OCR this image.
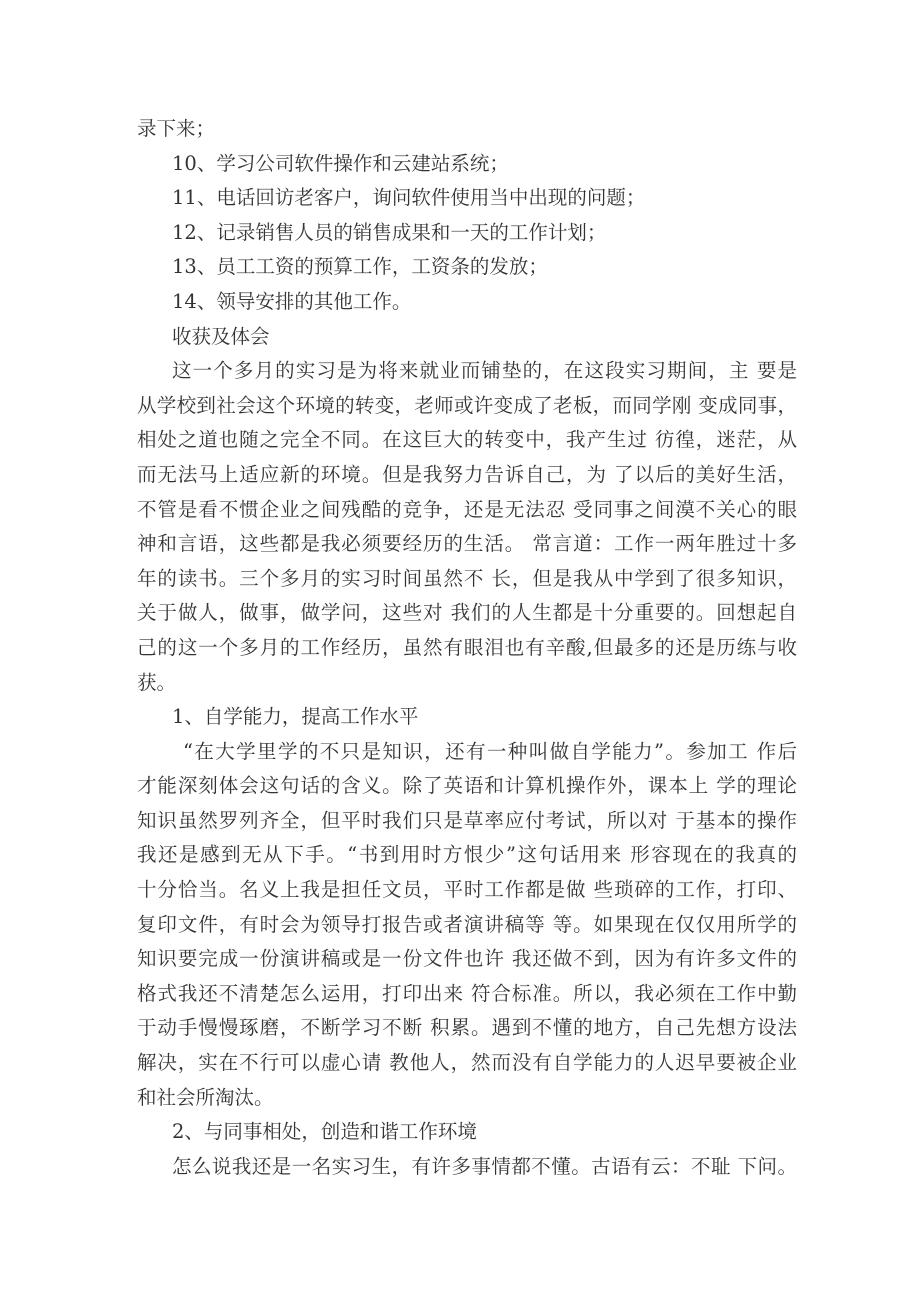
录下来；
10、学习公司软件操作和云建站系统；
11、电话回访老客户，询问软件使用当中出现的问题；
12、记录销售人员的销售成果和一天的工作计划；
13、员工工资的预算工作，工资条的发放；
14、领导安排的其他工作。
收获及体会
这一个多月的实习是为将来就业而铺垫的，在这段实习期间，主 要是
从学校到社会这个环境的转变，老师或许变成了老板，而同学刚 变成同事，
相处之道也随之完全不同。在这巨大的转变中，我产生过 彷徨，迷茫，从
而无法马上适应新的环境。但是我努力告诉自己，为 了以后的美好生活，
不管是看不惯企业之间残酷的竞争，还是无法忍 受同事之间漠不关心的眼
神和言语，这些都是我必须要经历的生活。 常言道：工作一两年胜过十多
年的读书。三个多月的实习时间虽然不 长，但是我从中学到了很多知识，
关于做人，做事，做学问，这些对 我们的人生都是十分重要的。回想起自
己的这一个多月的工作经历，虽然有眼泪也有辛酸,但最多的还是历练与收
获。
1、自学能力，提高工作水平
“在大学里学的不只是知识，还有一种叫做自学能力”。参加工 作后
才能深刻体会这句话的含义。除了英语和计算机操作外，课本上 学的理论
知识虽然罗列齐全，但平时我们只是草率应付考试，所以对 于基本的操作
我还是感到无从下手。“书到用时方恨少”这句话用来 形容现在的我真的
十分恰当。名义上我是担任文员，平时工作都是做 些琐碎的工作，打印、
复印文件，有时会为领导打报告或者演讲稿等 等。如果现在仅仅用所学的
知识要完成一份演讲稿或是一份文件也许 我还做不到，因为有许多文件的
格式我还不清楚怎么运用，打印出来 符合标准。所以，我必须在工作中勤
于动手慢慢琢磨，不断学习不断 积累。遇到不懂的地方，自己先想方设法
解决，实在不行可以虚心请 教他人，然而没有自学能力的人迟早要被企业
和社会所淘汰。
2、与同事相处，创造和谐工作环境
怎么说我还是一名实习生，有许多事情都不懂。古语有云：不耻 下问。
